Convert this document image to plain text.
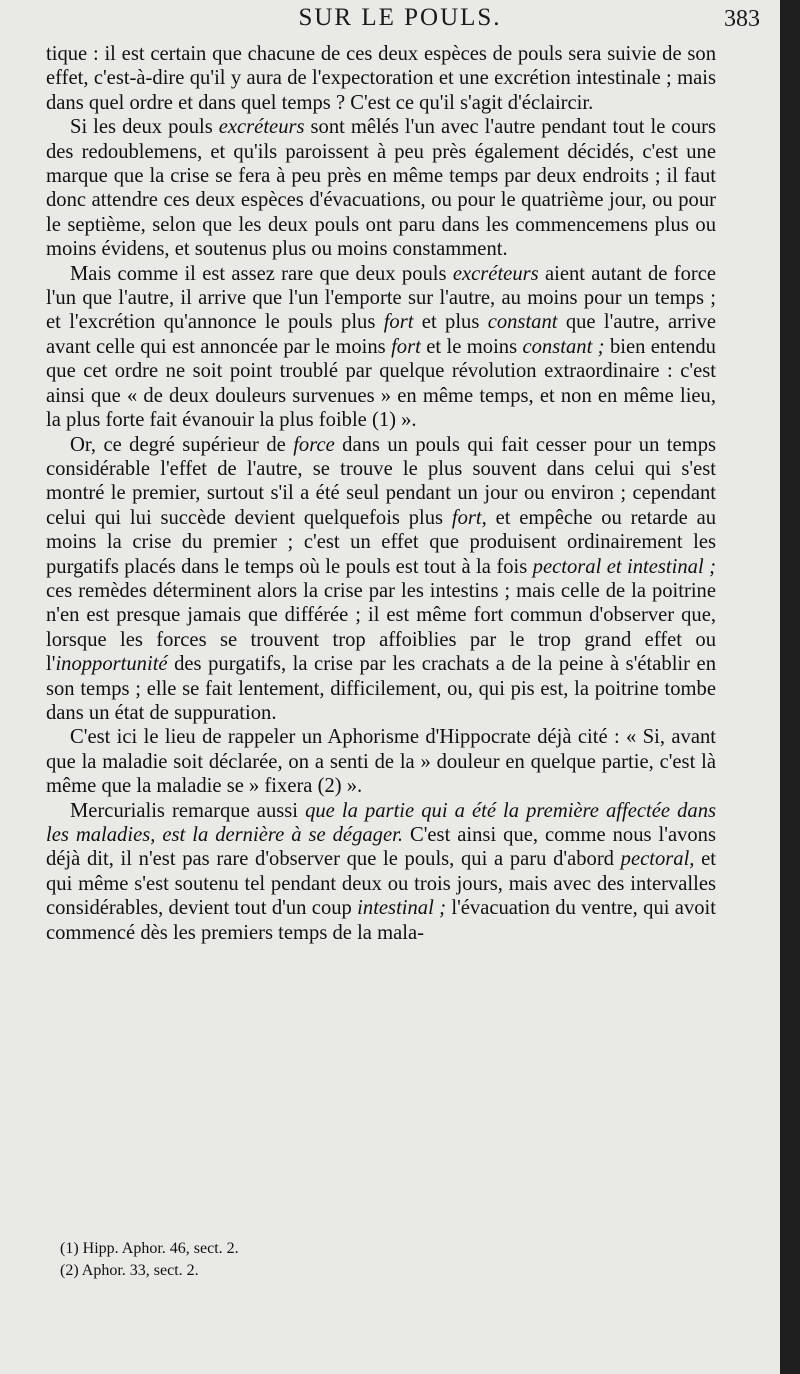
SUR LE POULS.	383

tique : il est certain que chacune de ces deux espèces de pouls sera suivie de son effet, c'est-à-dire qu'il y aura de l'expectoration et une excrétion intestinale ; mais dans quel ordre et dans quel temps ? C'est ce qu'il s'agit d'éclaircir.

Si les deux pouls excréteurs sont mêlés l'un avec l'autre pendant tout le cours des redoublemens, et qu'ils paroissent à peu près également décidés, c'est une marque que la crise se fera à peu près en même temps par deux endroits ; il faut donc attendre ces deux espèces d'évacuations, ou pour le quatrième jour, ou pour le septième, selon que les deux pouls ont paru dans les commencemens plus ou moins évidens, et soutenus plus ou moins constamment.

Mais comme il est assez rare que deux pouls excréteurs aient autant de force l'un que l'autre, il arrive que l'un l'emporte sur l'autre, au moins pour un temps ; et l'excrétion qu'annonce le pouls plus fort et plus constant que l'autre, arrive avant celle qui est annoncée par le moins fort et le moins constant ; bien entendu que cet ordre ne soit point troublé par quelque révolution extraordinaire : c'est ainsi que « de deux douleurs survenues » en même temps, et non en même lieu, la plus forte fait évanouir la plus foible (1) ».

Or, ce degré supérieur de force dans un pouls qui fait cesser pour un temps considérable l'effet de l'autre, se trouve le plus souvent dans celui qui s'est montré le premier, surtout s'il a été seul pendant un jour ou environ ; cependant celui qui lui succède devient quelquefois plus fort, et empêche ou retarde au moins la crise du premier ; c'est un effet que produisent ordinairement les purgatifs placés dans le temps où le pouls est tout à la fois pectoral et intestinal ; ces remèdes déterminent alors la crise par les intestins ; mais celle de la poitrine n'en est presque jamais que différée ; il est même fort commun d'observer que, lorsque les forces se trouvent trop affoiblies par le trop grand effet ou l'inopportunité des purgatifs, la crise par les crachats a de la peine à s'établir en son temps ; elle se fait lentement, difficilement, ou, qui pis est, la poitrine tombe dans un état de suppuration.

C'est ici le lieu de rappeler un Aphorisme d'Hippocrate déjà cité : « Si, avant que la maladie soit déclarée, on a senti de la » douleur en quelque partie, c'est là même que la maladie se » fixera (2) ».

Mercurialis remarque aussi que la partie qui a été la première affectée dans les maladies, est la dernière à se dégager. C'est ainsi que, comme nous l'avons déjà dit, il n'est pas rare d'observer que le pouls, qui a paru d'abord pectoral, et qui même s'est soutenu tel pendant deux ou trois jours, mais avec des intervalles considérables, devient tout d'un coup intestinal ; l'évacuation du ventre, qui avoit commencé dès les premiers temps de la mala-

(1) Hipp. Aphor. 46, sect. 2.

(2) Aphor. 33, sect. 2.
